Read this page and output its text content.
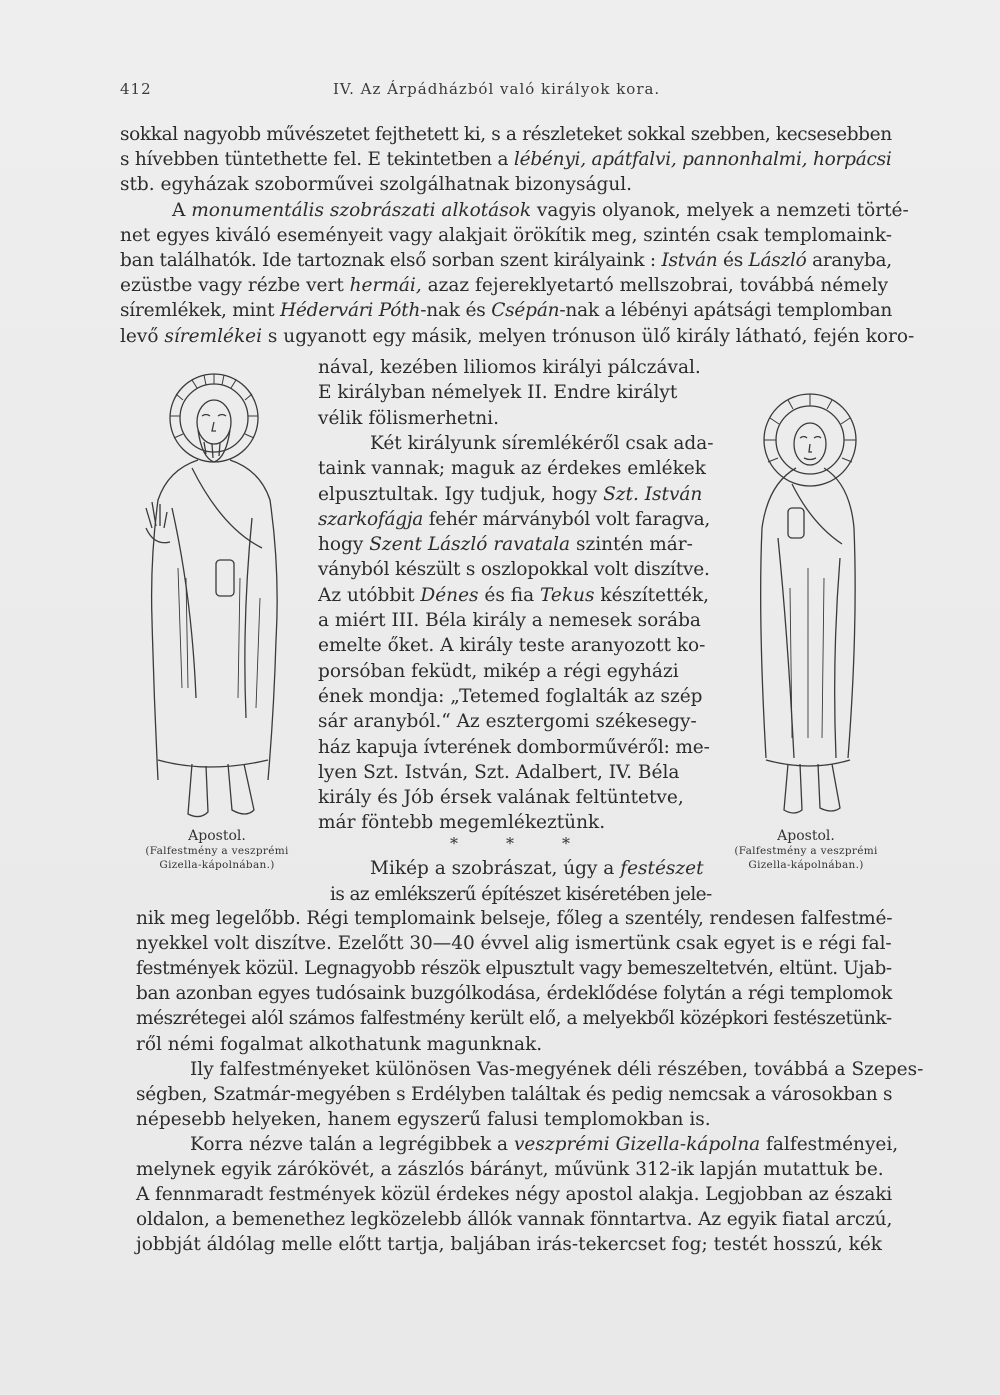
412	IV. Az Árpádházból való királyok kora.
sokkal nagyobb művészetet fejthetett ki, s a részleteket sokkal szebben, kecsesebben
s hívebben tüntethette fel. E tekintetben a lébényi, apátfalvi, pannonhalmi, horpácsi
stb. egyházak szoborművei szolgálhatnak bizonyságul.
A monumentális szobrászati alkotások vagyis olyanok, melyek a nemzeti törté-
net egyes kiváló eseményeit vagy alakjait örökítik meg, szintén csak templomaink-
ban találhatók. Ide tartoznak első sorban szent királyaink : István és László aranyba,
ezüstbe vagy rézbe vert hermái, azaz fejereklyetartó mellszobrai, továbbá némely
síremlékek, mint Hédervári Póth-nak és Csépán-nak a lébényi apátsági templomban
levő síremlékei s ugyanott egy másik, melyen trónuson ülő király látható, fején koro-
nával, kezében liliomos királyi pálczával.
E királyban némelyek II. Endre királyt
vélik fölismerhetni.
Két királyunk síremlékéről csak ada-
taink vannak; maguk az érdekes emlékek
elpusztultak. Igy tudjuk, hogy Szt. István
szarkofágja fehér márványból volt faragva,
hogy Szent László ravatala szintén már-
ványból készült s oszlopokkal volt diszítve.
Az utóbbit Dénes és fia Tekus készítették,
a miért III. Béla király a nemesek sorába
emelte őket. A király teste aranyozott ko-
porsóban feküdt, mikép a régi egyházi
ének mondja: „Tetemed foglalták az szép
sár aranyból.“ Az esztergomi székesegy-
ház kapuja ívterének domborművéről: me-
lyen Szt. István, Szt. Adalbert, IV. Béla
király és Jób érsek valának feltüntetve,
már föntebb megemlékeztünk.
*   *   *
Mikép a szobrászat, úgy a festészet
is az emlékszerű építészet kiséretében jele-
nik meg legelőbb. Régi templomaink belseje, főleg a szentély, rendesen falfestmé-
nyekkel volt diszítve. Ezelőtt 30—40 évvel alig ismertünk csak egyet is e régi fal-
festmények közül. Legnagyobb részök elpusztult vagy bemeszeltetvén, eltünt. Ujab-
ban azonban egyes tudósaink buzgólkodása, érdeklődése folytán a régi templomok
mészrétegei alól számos falfestmény került elő, a melyekből középkori festészetünk-
ről némi fogalmat alkothatunk magunknak.
Ily falfestményeket különösen Vas-megyének déli részében, továbbá a Szepes-
ségben, Szatmár-megyében s Erdélyben találtak és pedig nemcsak a városokban s
népesebb helyeken, hanem egyszerű falusi templomokban is.
Korra nézve talán a legrégibbek a veszprémi Gizella-kápolna falfestményei,
melynek egyik zárókövét, a zászlós bárányt, művünk 312-ik lapján mutattuk be.
A fennmaradt festmények közül érdekes négy apostol alakja. Legjobban az északi
oldalon, a bemenethez legközelebb állók vannak fönntartva. Az egyik fiatal arczú,
jobbját áldólag melle előtt tartja, baljában irás-tekercset fog; testét hosszú, kék
Apostol.
(Falfestmény a veszprémi
Gizella-kápolnában.)
Apostol.
(Falfestmény a veszprémi
Gizella-kápolnában.)
